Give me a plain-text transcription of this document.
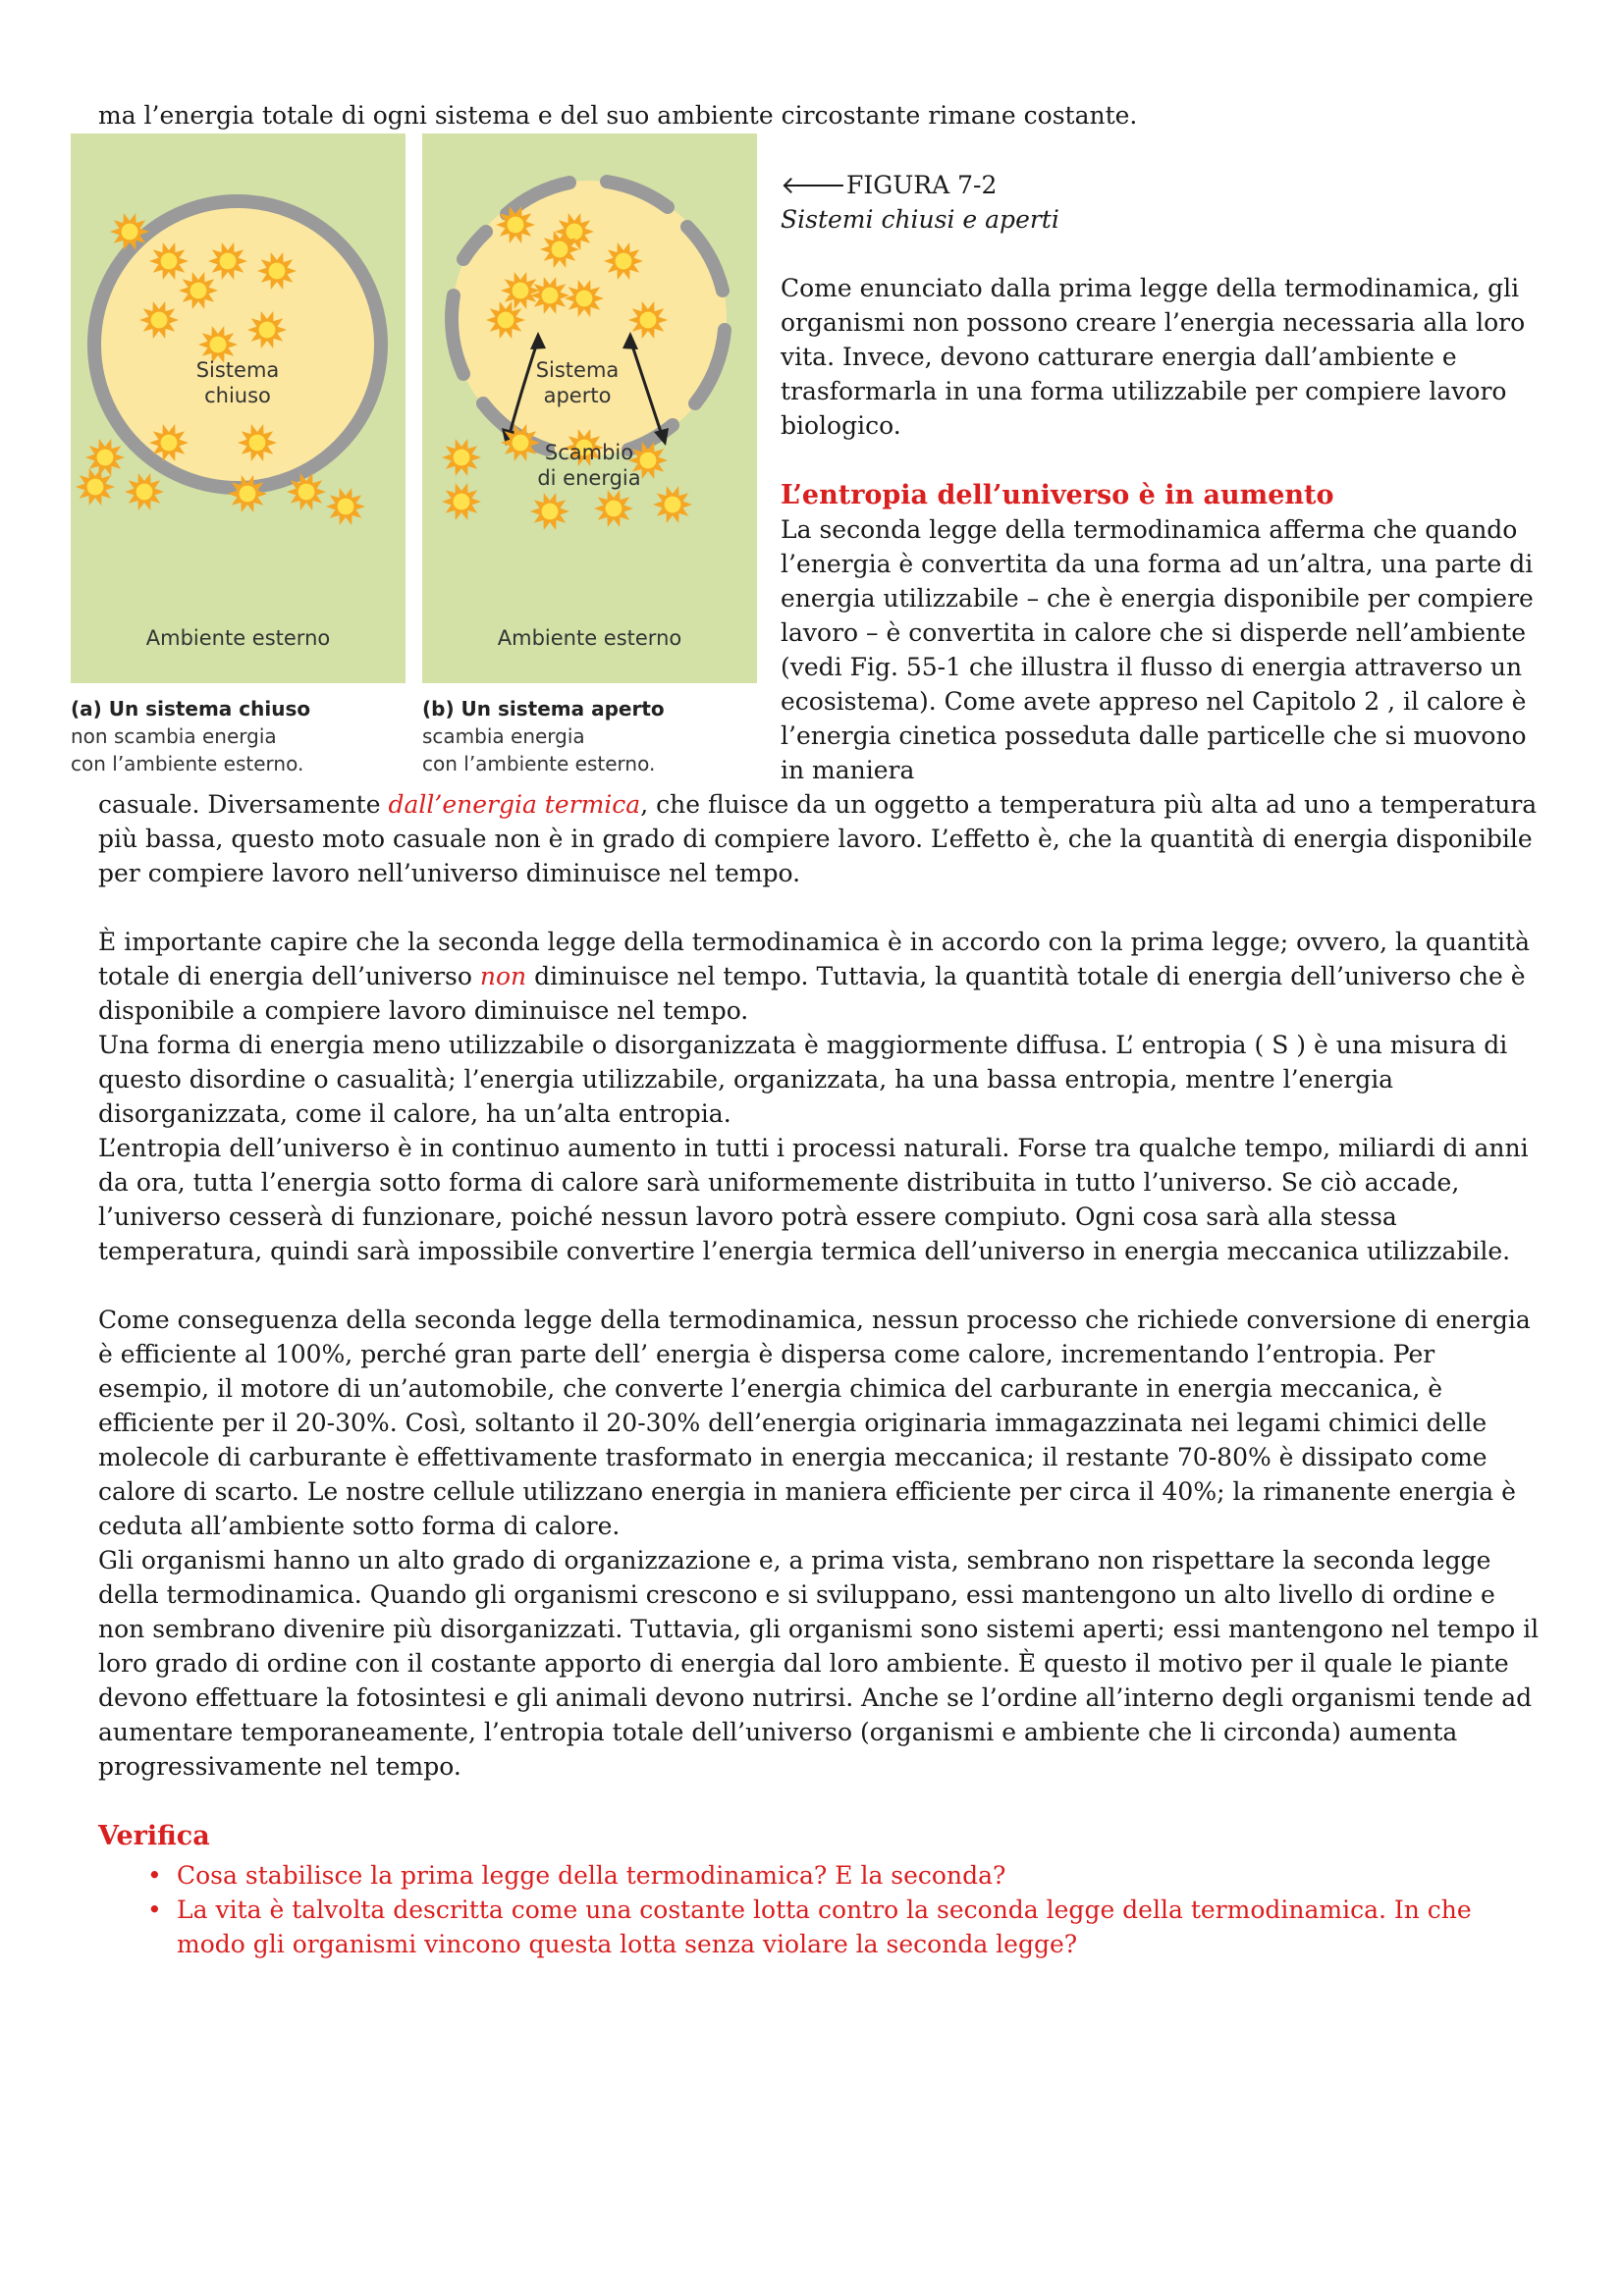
ma l’energia totale di ogni sistema e del suo ambiente circostante rimane costante.

Sistema
chiuso
Ambiente esterno
Sistema
aperto
Scambio
di energia
Ambiente esterno
(a) Un sistema chiuso
non scambia energia
con l’ambiente esterno.
(b) Un sistema aperto
scambia energia
con l’ambiente esterno.
🡐FIGURA 7-2
Sistemi chiusi e aperti

Come enunciato dalla prima legge della termodinamica, gli organismi non possono creare l’energia necessaria alla loro vita. Invece, devono catturare energia dall’ambiente e trasformarla in una forma utilizzabile per compiere lavoro biologico.

L’entropia dell’universo è in aumento

La seconda legge della termodinamica afferma che quando l’energia è convertita da una forma ad un’altra, una parte di energia utilizzabile – che è energia disponibile per compiere lavoro – è convertita in calore che si disperde nell’ambiente (vedi Fig. 55-1 che illustra il flusso di energia attraverso un ecosistema). Come avete appreso nel Capitolo 2 , il calore è l’energia cinetica posseduta dalle particelle che si muovono in maniera

casuale. Diversamente dall’energia termica, che fluisce da un oggetto a temperatura più alta ad uno a temperatura più bassa, questo moto casuale non è in grado di compiere lavoro. L’effetto è, che la quantità di energia disponibile per compiere lavoro nell’universo diminuisce nel tempo.

È importante capire che la seconda legge della termodinamica è in accordo con la prima legge; ovvero, la quantità totale di energia dell’universo non diminuisce nel tempo. Tuttavia, la quantità totale di energia dell’universo che è disponibile a compiere lavoro diminuisce nel tempo.

Una forma di energia meno utilizzabile o disorganizzata è maggiormente diffusa. L’ entropia ( S ) è una misura di questo disordine o casualità; l’energia utilizzabile, organizzata, ha una bassa entropia, mentre l’energia disorganizzata, come il calore, ha un’alta entropia.

L’entropia dell’universo è in continuo aumento in tutti i processi naturali. Forse tra qualche tempo, miliardi di anni da ora, tutta l’energia sotto forma di calore sarà uniformemente distribuita in tutto l’universo. Se ciò accade, l’universo cesserà di funzionare, poiché nessun lavoro potrà essere compiuto. Ogni cosa sarà alla stessa temperatura, quindi sarà impossibile convertire l’energia termica dell’universo in energia meccanica utilizzabile.

Come conseguenza della seconda legge della termodinamica, nessun processo che richiede conversione di energia è efficiente al 100%, perché gran parte dell’ energia è dispersa come calore, incrementando l’entropia. Per esempio, il motore di un’automobile, che converte l’energia chimica del carburante in energia meccanica, è efficiente per il 20-30%. Così, soltanto il 20-30% dell’energia originaria immagazzinata nei legami chimici delle molecole di carburante è effettivamente trasformato in energia meccanica; il restante 70-80% è dissipato come calore di scarto. Le nostre cellule utilizzano energia in maniera efficiente per circa il 40%; la rimanente energia è ceduta all’ambiente sotto forma di calore.

Gli organismi hanno un alto grado di organizzazione e, a prima vista, sembrano non rispettare la seconda legge della termodinamica. Quando gli organismi crescono e si sviluppano, essi mantengono un alto livello di ordine e non sembrano divenire più disorganizzati. Tuttavia, gli organismi sono sistemi aperti; essi mantengono nel tempo il loro grado di ordine con il costante apporto di energia dal loro ambiente. È questo il motivo per il quale le piante devono effettuare la fotosintesi e gli animali devono nutrirsi. Anche se l’ordine all’interno degli organismi tende ad aumentare temporaneamente, l’entropia totale dell’universo (organismi e ambiente che li circonda) aumenta progressivamente nel tempo.

Verifica
• Cosa stabilisce la prima legge della termodinamica? E la seconda?
• La vita è talvolta descritta come una costante lotta contro la seconda legge della termodinamica. In che modo gli organismi vincono questa lotta senza violare la seconda legge?
